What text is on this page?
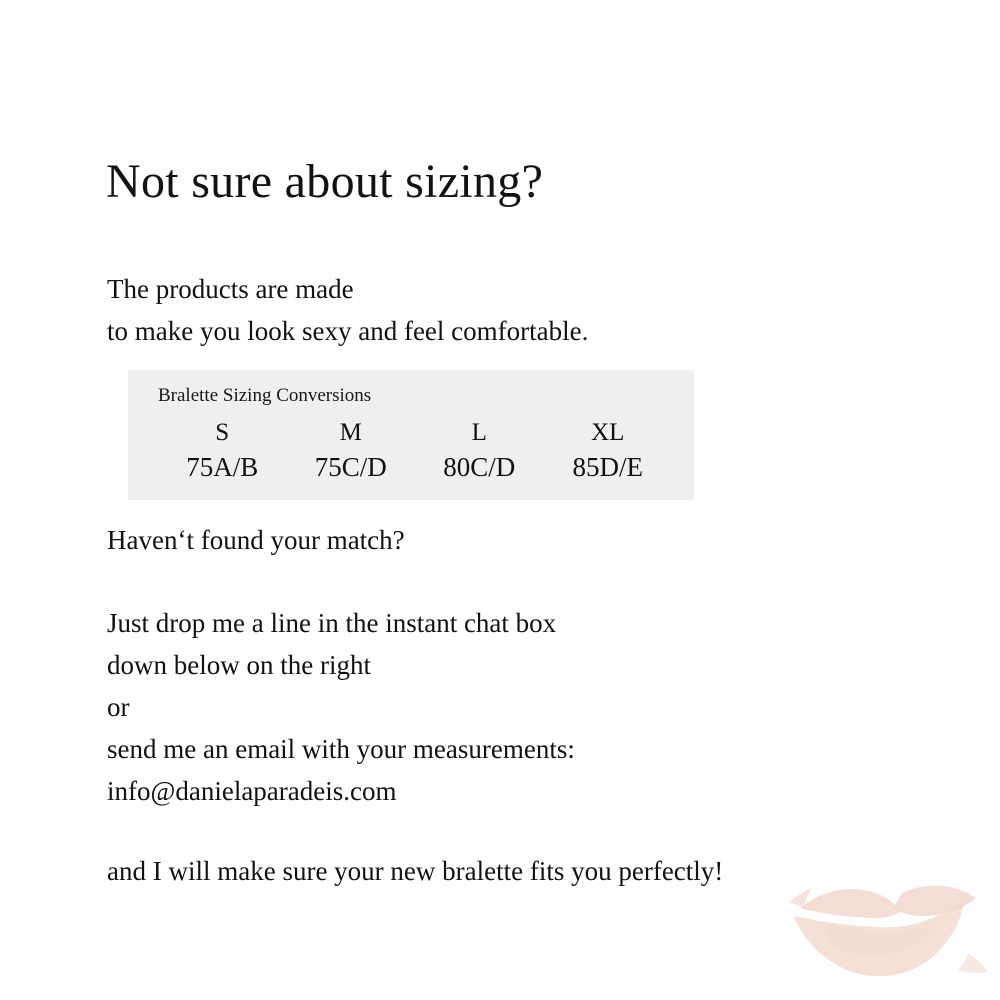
Not sure about sizing?
The products are made
to make you look sexy and feel comfortable.
Bralette Sizing Conversions
S	M	L	XL
75A/B	75C/D	80C/D	85D/E
Haven‘t found your match?
Just drop me a line in the instant chat box
down below on the right
or
send me an email with your measurements:
info@danielaparadeis.com
and I will make sure your new bralette fits you perfectly!
